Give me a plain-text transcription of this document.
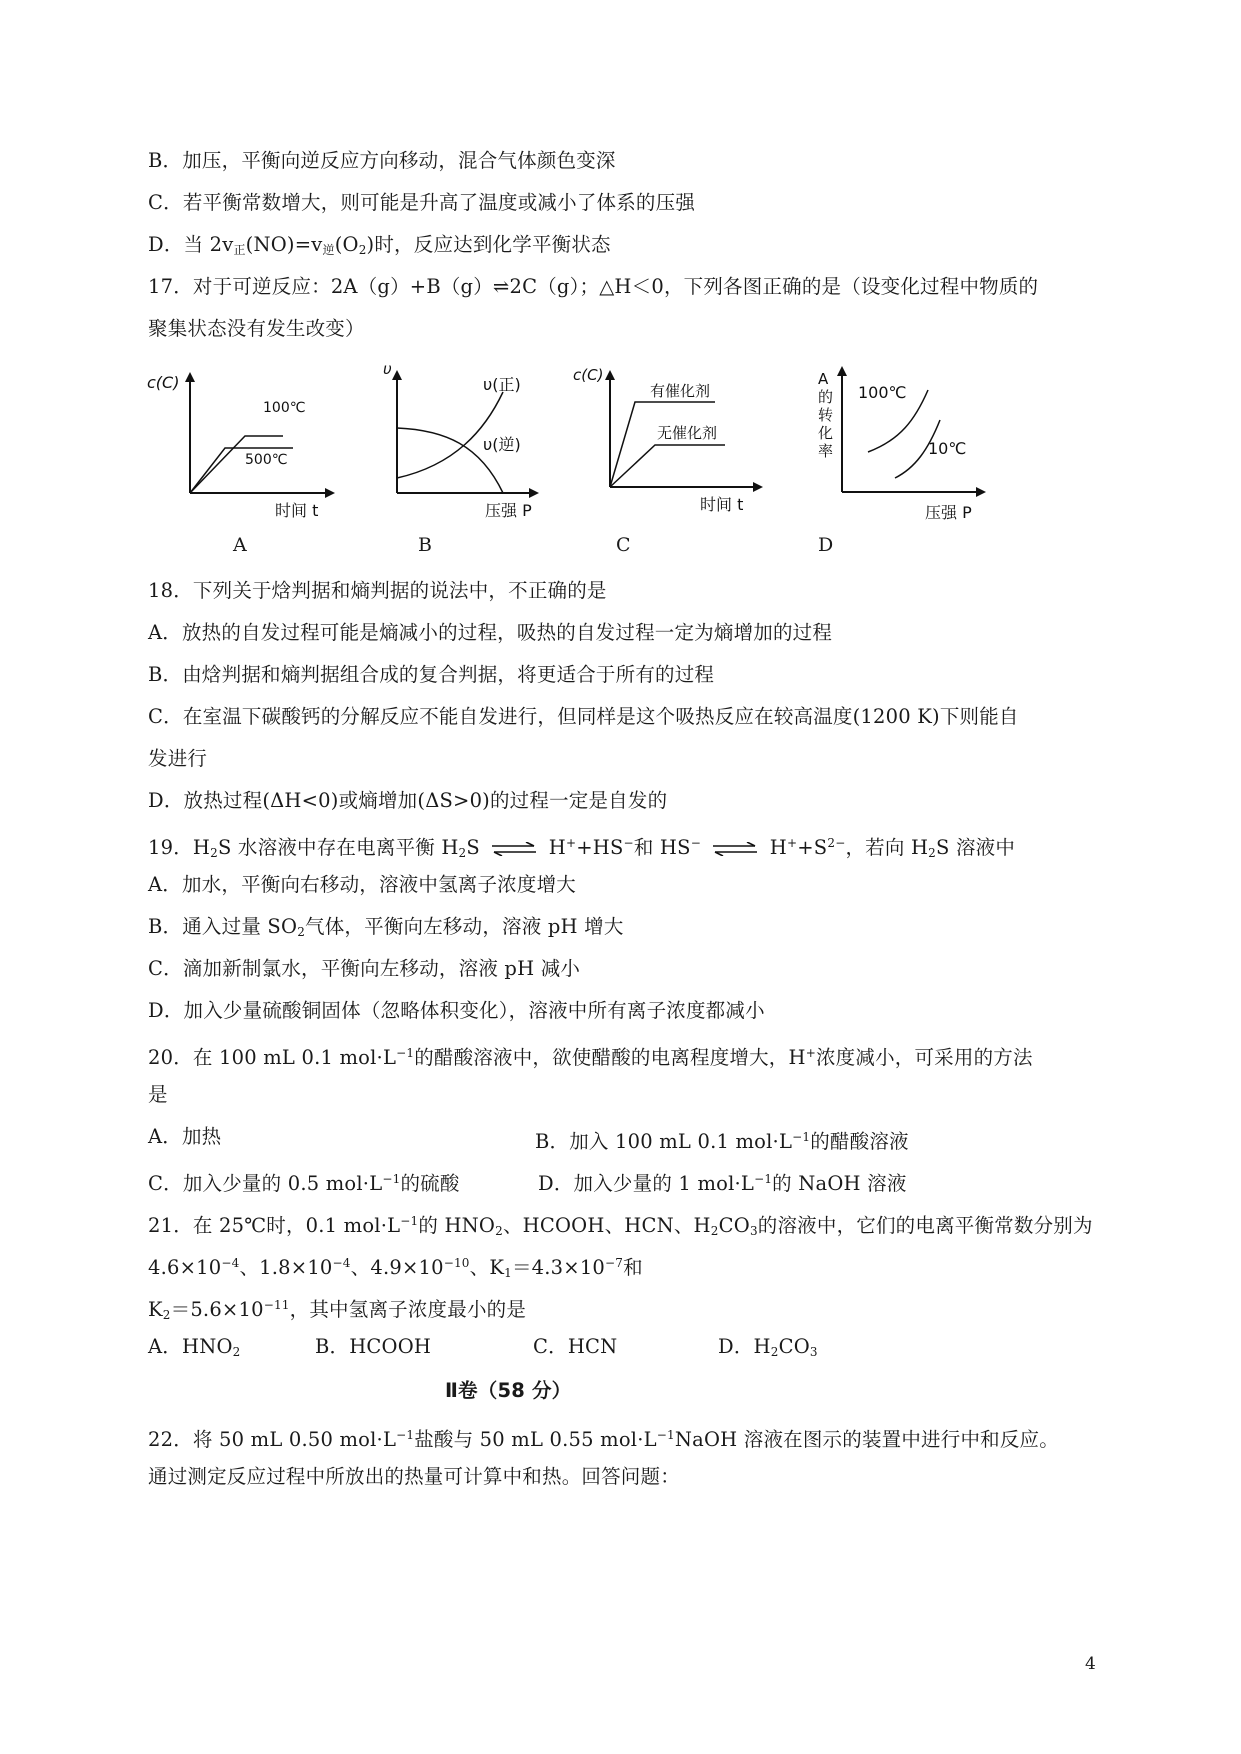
B．加压，平衡向逆反应方向移动，混合气体颜色变深
C．若平衡常数增大，则可能是升高了温度或减小了体系的压强
D．当 $2v_正(NO)=v_逆(O_2)$时，反应达到化学平衡状态
17．对于可逆反应：2A（g）+B（g）⇌2C（g）；△H＜0，下列各图正确的是（设变化过程中物质的
聚集状态没有发生改变）
c(C)
100℃
500℃
时间 t
A
υ
υ(正)
υ(逆)
压强 P
B
c(C)
有催化剂
无催化剂
时间 t
C
A
的
转
化
率
100℃
10℃
压强 P
D
18．下列关于焓判据和熵判据的说法中，不正确的是
A．放热的自发过程可能是熵减小的过程，吸热的自发过程一定为熵增加的过程
B．由焓判据和熵判据组合成的复合判据，将更适合于所有的过程
C．在室温下碳酸钙的分解反应不能自发进行，但同样是这个吸热反应在较高温度(1200 K)下则能自
发进行
D．放热过程(ΔH<0)或熵增加(ΔS>0)的过程一定是自发的
19．$H_2S$ 水溶液中存在电离平衡 $H_2S$ ⇌ H++HS−和 HS− ⇌ $H^++S^{2-}$，若向 $H_2S$ 溶液中
A．加水，平衡向右移动，溶液中氢离子浓度增大
B．通入过量 $SO_2$气体，平衡向左移动，溶液 pH 增大
C．滴加新制氯水，平衡向左移动，溶液 pH 减小
D．加入少量硫酸铜固体（忽略体积变化），溶液中所有离子浓度都减小
20．在 100 mL 0.1 $mol\cdot L^{-1}$的醋酸溶液中，欲使醋酸的电离程度增大，H+浓度减小，可采用的方法
是
A．加热	B．加入 100 mL 0.1 $mol\cdot L^{-1}$的醋酸溶液
C．加入少量的 0.5 $mol\cdot L^{-1}$的硫酸	D．加入少量的 1 $mol\cdot L^{-1}$的 NaOH 溶液
21．在 25℃时，0.1 $mol\cdot L^{-1}$的 $HNO_2$、HCOOH、HCN、$H_2CO_3$的溶液中，它们的电离平衡常数分别为
$4.6\times 10^{-4}$、$1.8\times 10^{-4}$、$4.9\times 10^{-10}$、$K_1=4.3\times 10^{-7}$和
$K_2=5.6\times 10^{-11}$，其中氢离子浓度最小的是
A．$HNO_2$	B．HCOOH	C．HCN	D．$H_2CO_3$
Ⅱ卷（58 分）
22．将 50 mL 0.50 $mol\cdot L^{-1}$盐酸与 50 mL 0.55 $mol\cdot L^{-1}NaOH$ 溶液在图示的装置中进行中和反应。
通过测定反应过程中所放出的热量可计算中和热。回答问题：
4
